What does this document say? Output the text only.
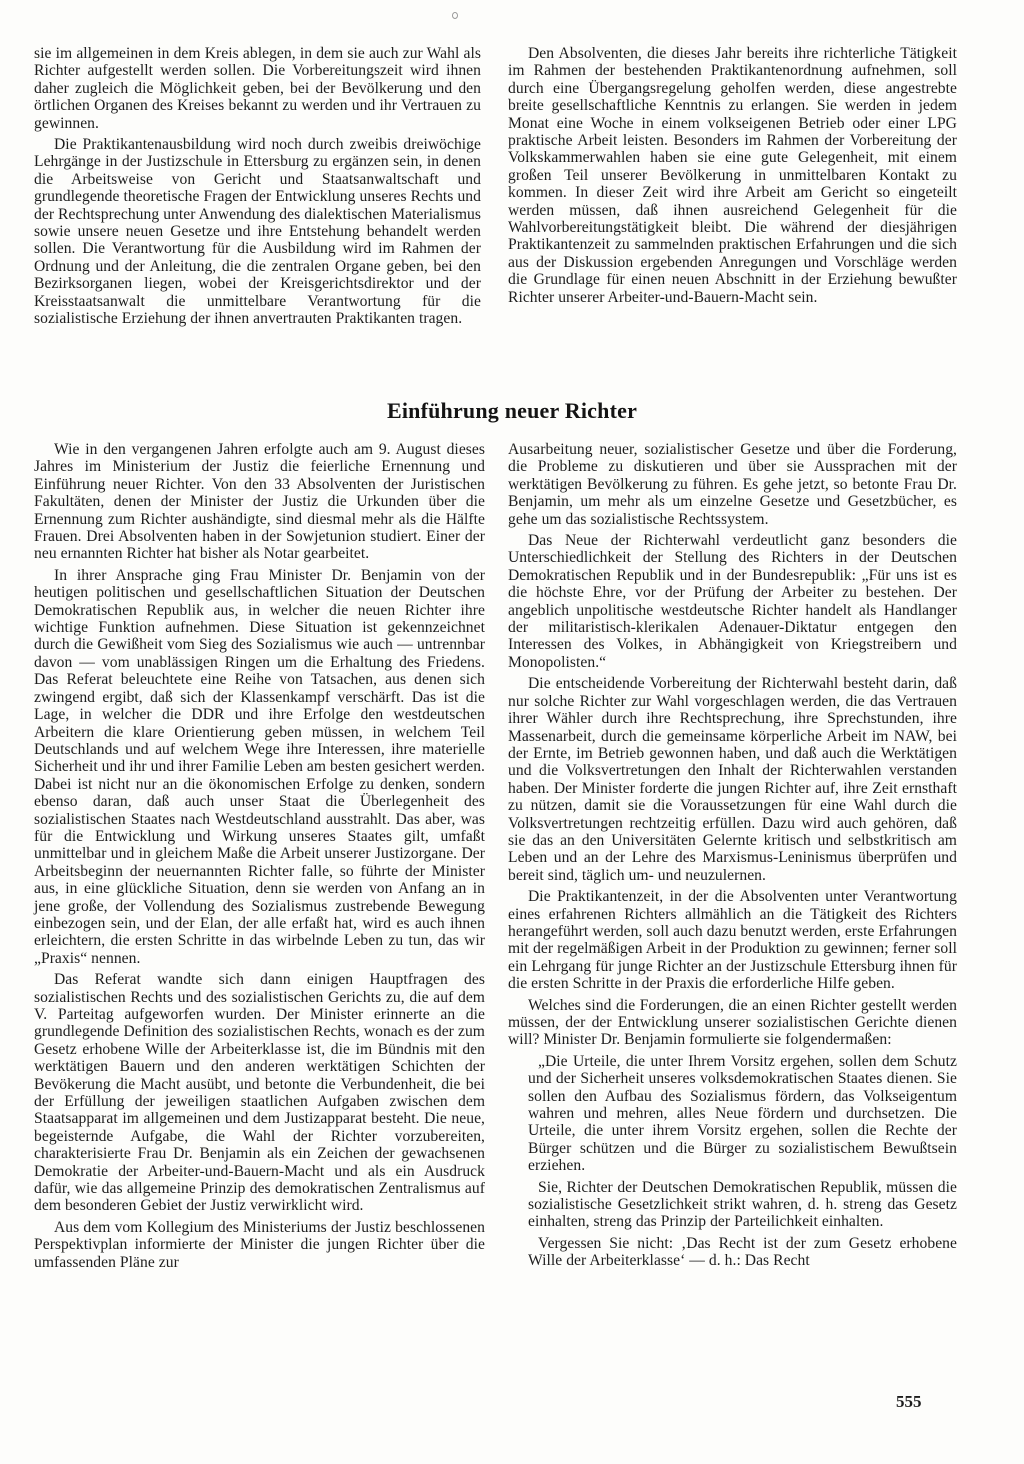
sie im allgemeinen in dem Kreis ablegen, in dem sie auch zur Wahl als Richter aufgestellt werden sollen. Die Vorbereitungszeit wird ihnen daher zugleich die Möglichkeit geben, bei der Bevölkerung und den örtlichen Organen des Kreises bekannt zu werden und ihr Vertrauen zu gewinnen.

Die Praktikantenausbildung wird noch durch zweibis dreiwöchige Lehrgänge in der Justizschule in Ettersburg zu ergänzen sein, in denen die Arbeitsweise von Gericht und Staatsanwaltschaft und grundlegende theoretische Fragen der Entwicklung unseres Rechts und der Rechtsprechung unter Anwendung des dialektischen Materialismus sowie unsere neuen Gesetze und ihre Entstehung behandelt werden sollen. Die Verantwortung für die Ausbildung wird im Rahmen der Ordnung und der Anleitung, die die zentralen Organe geben, bei den Bezirksorganen liegen, wobei der Kreisgerichtsdirektor und der Kreisstaatsanwalt die unmittelbare Verantwortung für die sozialistische Erziehung der ihnen anvertrauten Praktikanten tragen.

Den Absolventen, die dieses Jahr bereits ihre richterliche Tätigkeit im Rahmen der bestehenden Praktikantenordnung aufnehmen, soll durch eine Übergangsregelung geholfen werden, diese angestrebte breite gesellschaftliche Kenntnis zu erlangen. Sie werden in jedem Monat eine Woche in einem volkseigenen Betrieb oder einer LPG praktische Arbeit leisten. Besonders im Rahmen der Vorbereitung der Volkskammerwahlen haben sie eine gute Gelegenheit, mit einem großen Teil unserer Bevölkerung in unmittelbaren Kontakt zu kommen. In dieser Zeit wird ihre Arbeit am Gericht so eingeteilt werden müssen, daß ihnen ausreichend Gelegenheit für die Wahlvorbereitungstätigkeit bleibt. Die während der diesjährigen Praktikantenzeit zu sammelnden praktischen Erfahrungen und die sich aus der Diskussion ergebenden Anregungen und Vorschläge werden die Grundlage für einen neuen Abschnitt in der Erziehung bewußter Richter unserer Arbeiter-und-Bauern-Macht sein.

Einführung neuer Richter

Wie in den vergangenen Jahren erfolgte auch am 9. August dieses Jahres im Ministerium der Justiz die feierliche Ernennung und Einführung neuer Richter. Von den 33 Absolventen der Juristischen Fakultäten, denen der Minister der Justiz die Urkunden über die Ernennung zum Richter aushändigte, sind diesmal mehr als die Hälfte Frauen. Drei Absolventen haben in der Sowjetunion studiert. Einer der neu ernannten Richter hat bisher als Notar gearbeitet.

In ihrer Ansprache ging Frau Minister Dr. Benjamin von der heutigen politischen und gesellschaftlichen Situation der Deutschen Demokratischen Republik aus, in welcher die neuen Richter ihre wichtige Funktion aufnehmen. Diese Situation ist gekennzeichnet durch die Gewißheit vom Sieg des Sozialismus wie auch — untrennbar davon — vom unablässigen Ringen um die Erhaltung des Friedens. Das Referat beleuchtete eine Reihe von Tatsachen, aus denen sich zwingend ergibt, daß sich der Klassenkampf verschärft. Das ist die Lage, in welcher die DDR und ihre Erfolge den westdeutschen Arbeitern die klare Orientierung geben müssen, in welchem Teil Deutschlands und auf welchem Wege ihre Interessen, ihre materielle Sicherheit und ihr und ihrer Familie Leben am besten gesichert werden. Dabei ist nicht nur an die ökonomischen Erfolge zu denken, sondern ebenso daran, daß auch unser Staat die Überlegenheit des sozialistischen Staates nach Westdeutschland ausstrahlt. Das aber, was für die Entwicklung und Wirkung unseres Staates gilt, umfaßt unmittelbar und in gleichem Maße die Arbeit unserer Justizorgane. Der Arbeitsbeginn der neuernannten Richter falle, so führte der Minister aus, in eine glückliche Situation, denn sie werden von Anfang an in jene große, der Vollendung des Sozialismus zustrebende Bewegung einbezogen sein, und der Elan, der alle erfaßt hat, wird es auch ihnen erleichtern, die ersten Schritte in das wirbelnde Leben zu tun, das wir „Praxis“ nennen.

Das Referat wandte sich dann einigen Hauptfragen des sozialistischen Rechts und des sozialistischen Gerichts zu, die auf dem V. Parteitag aufgeworfen wurden. Der Minister erinnerte an die grundlegende Definition des sozialistischen Rechts, wonach es der zum Gesetz erhobene Wille der Arbeiterklasse ist, die im Bündnis mit den werktätigen Bauern und den anderen werktätigen Schichten der Bevökerung die Macht ausübt, und betonte die Verbundenheit, die bei der Erfüllung der jeweiligen staatlichen Aufgaben zwischen dem Staatsapparat im allgemeinen und dem Justizapparat besteht. Die neue, begeisternde Aufgabe, die Wahl der Richter vorzubereiten, charakterisierte Frau Dr. Benjamin als ein Zeichen der gewachsenen Demokratie der Arbeiter-und-Bauern-Macht und als ein Ausdruck dafür, wie das allgemeine Prinzip des demokratischen Zentralismus auf dem besonderen Gebiet der Justiz verwirklicht wird.

Aus dem vom Kollegium des Ministeriums der Justiz beschlossenen Perspektivplan informierte der Minister die jungen Richter über die umfassenden Pläne zur

Ausarbeitung neuer, sozialistischer Gesetze und über die Forderung, die Probleme zu diskutieren und über sie Aussprachen mit der werktätigen Bevölkerung zu führen. Es gehe jetzt, so betonte Frau Dr. Benjamin, um mehr als um einzelne Gesetze und Gesetzbücher, es gehe um das sozialistische Rechtssystem.

Das Neue der Richterwahl verdeutlicht ganz besonders die Unterschiedlichkeit der Stellung des Richters in der Deutschen Demokratischen Republik und in der Bundesrepublik: „Für uns ist es die höchste Ehre, vor der Prüfung der Arbeiter zu bestehen. Der angeblich unpolitische westdeutsche Richter handelt als Handlanger der militaristisch-klerikalen Adenauer-Diktatur entgegen den Interessen des Volkes, in Abhängigkeit von Kriegstreibern und Monopolisten.“

Die entscheidende Vorbereitung der Richterwahl besteht darin, daß nur solche Richter zur Wahl vorgeschlagen werden, die das Vertrauen ihrer Wähler durch ihre Rechtsprechung, ihre Sprechstunden, ihre Massenarbeit, durch die gemeinsame körperliche Arbeit im NAW, bei der Ernte, im Betrieb gewonnen haben, und daß auch die Werktätigen und die Volksvertretungen den Inhalt der Richterwahlen verstanden haben. Der Minister forderte die jungen Richter auf, ihre Zeit ernsthaft zu nützen, damit sie die Voraussetzungen für eine Wahl durch die Volksvertretungen rechtzeitig erfüllen. Dazu wird auch gehören, daß sie das an den Universitäten Gelernte kritisch und selbstkritisch am Leben und an der Lehre des Marxismus-Leninismus überprüfen und bereit sind, täglich um- und neuzulernen.

Die Praktikantenzeit, in der die Absolventen unter Verantwortung eines erfahrenen Richters allmählich an die Tätigkeit des Richters herangeführt werden, soll auch dazu benutzt werden, erste Erfahrungen mit der regelmäßigen Arbeit in der Produktion zu gewinnen; ferner soll ein Lehrgang für junge Richter an der Justizschule Ettersburg ihnen für die ersten Schritte in der Praxis die erforderliche Hilfe geben.

Welches sind die Forderungen, die an einen Richter gestellt werden müssen, der der Entwicklung unserer sozialistischen Gerichte dienen will? Minister Dr. Benjamin formulierte sie folgendermaßen:

„Die Urteile, die unter Ihrem Vorsitz ergehen, sollen dem Schutz und der Sicherheit unseres volksdemokratischen Staates dienen. Sie sollen den Aufbau des Sozialismus fördern, das Volkseigentum wahren und mehren, alles Neue fördern und durchsetzen. Die Urteile, die unter ihrem Vorsitz ergehen, sollen die Rechte der Bürger schützen und die Bürger zu sozialistischem Bewußtsein erziehen.

Sie, Richter der Deutschen Demokratischen Republik, müssen die sozialistische Gesetzlichkeit strikt wahren, d. h. streng das Gesetz einhalten, streng das Prinzip der Parteilichkeit einhalten.

Vergessen Sie nicht: ‚Das Recht ist der zum Gesetz erhobene Wille der Arbeiterklasse‘ — d. h.: Das Recht

555
